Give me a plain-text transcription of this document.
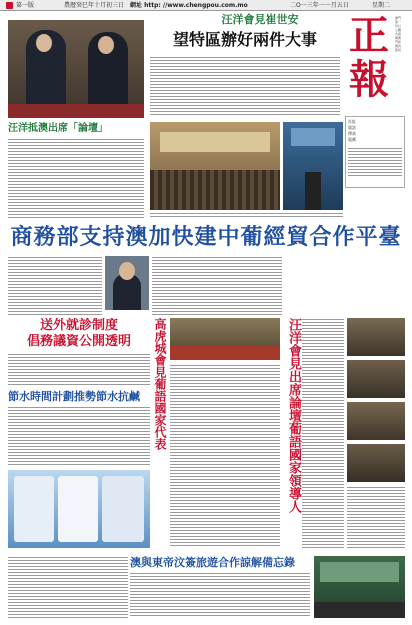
第一版	農曆癸巳年十月初三日 網址 http: //www.chengpou.com.mo	二O一三年一一月五日	星期二
汪洋會見崔世安
望特區辦好兩件大事 正
報
澳門第一份以立體式報導澳門新聞的報紙
社址
電話
傳真
電郵
汪洋抵澳出席「論壇」
商務部支持澳加快建中葡經貿合作平臺
送外就診制度
倡務議資公開透明
節水時間計劃推勢節水抗鹹	高虎城會見葡語國家代表	汪洋會見出席論壇葡語國家領導人
澳與東帝汶簽旅遊合作諒解備忘錄
